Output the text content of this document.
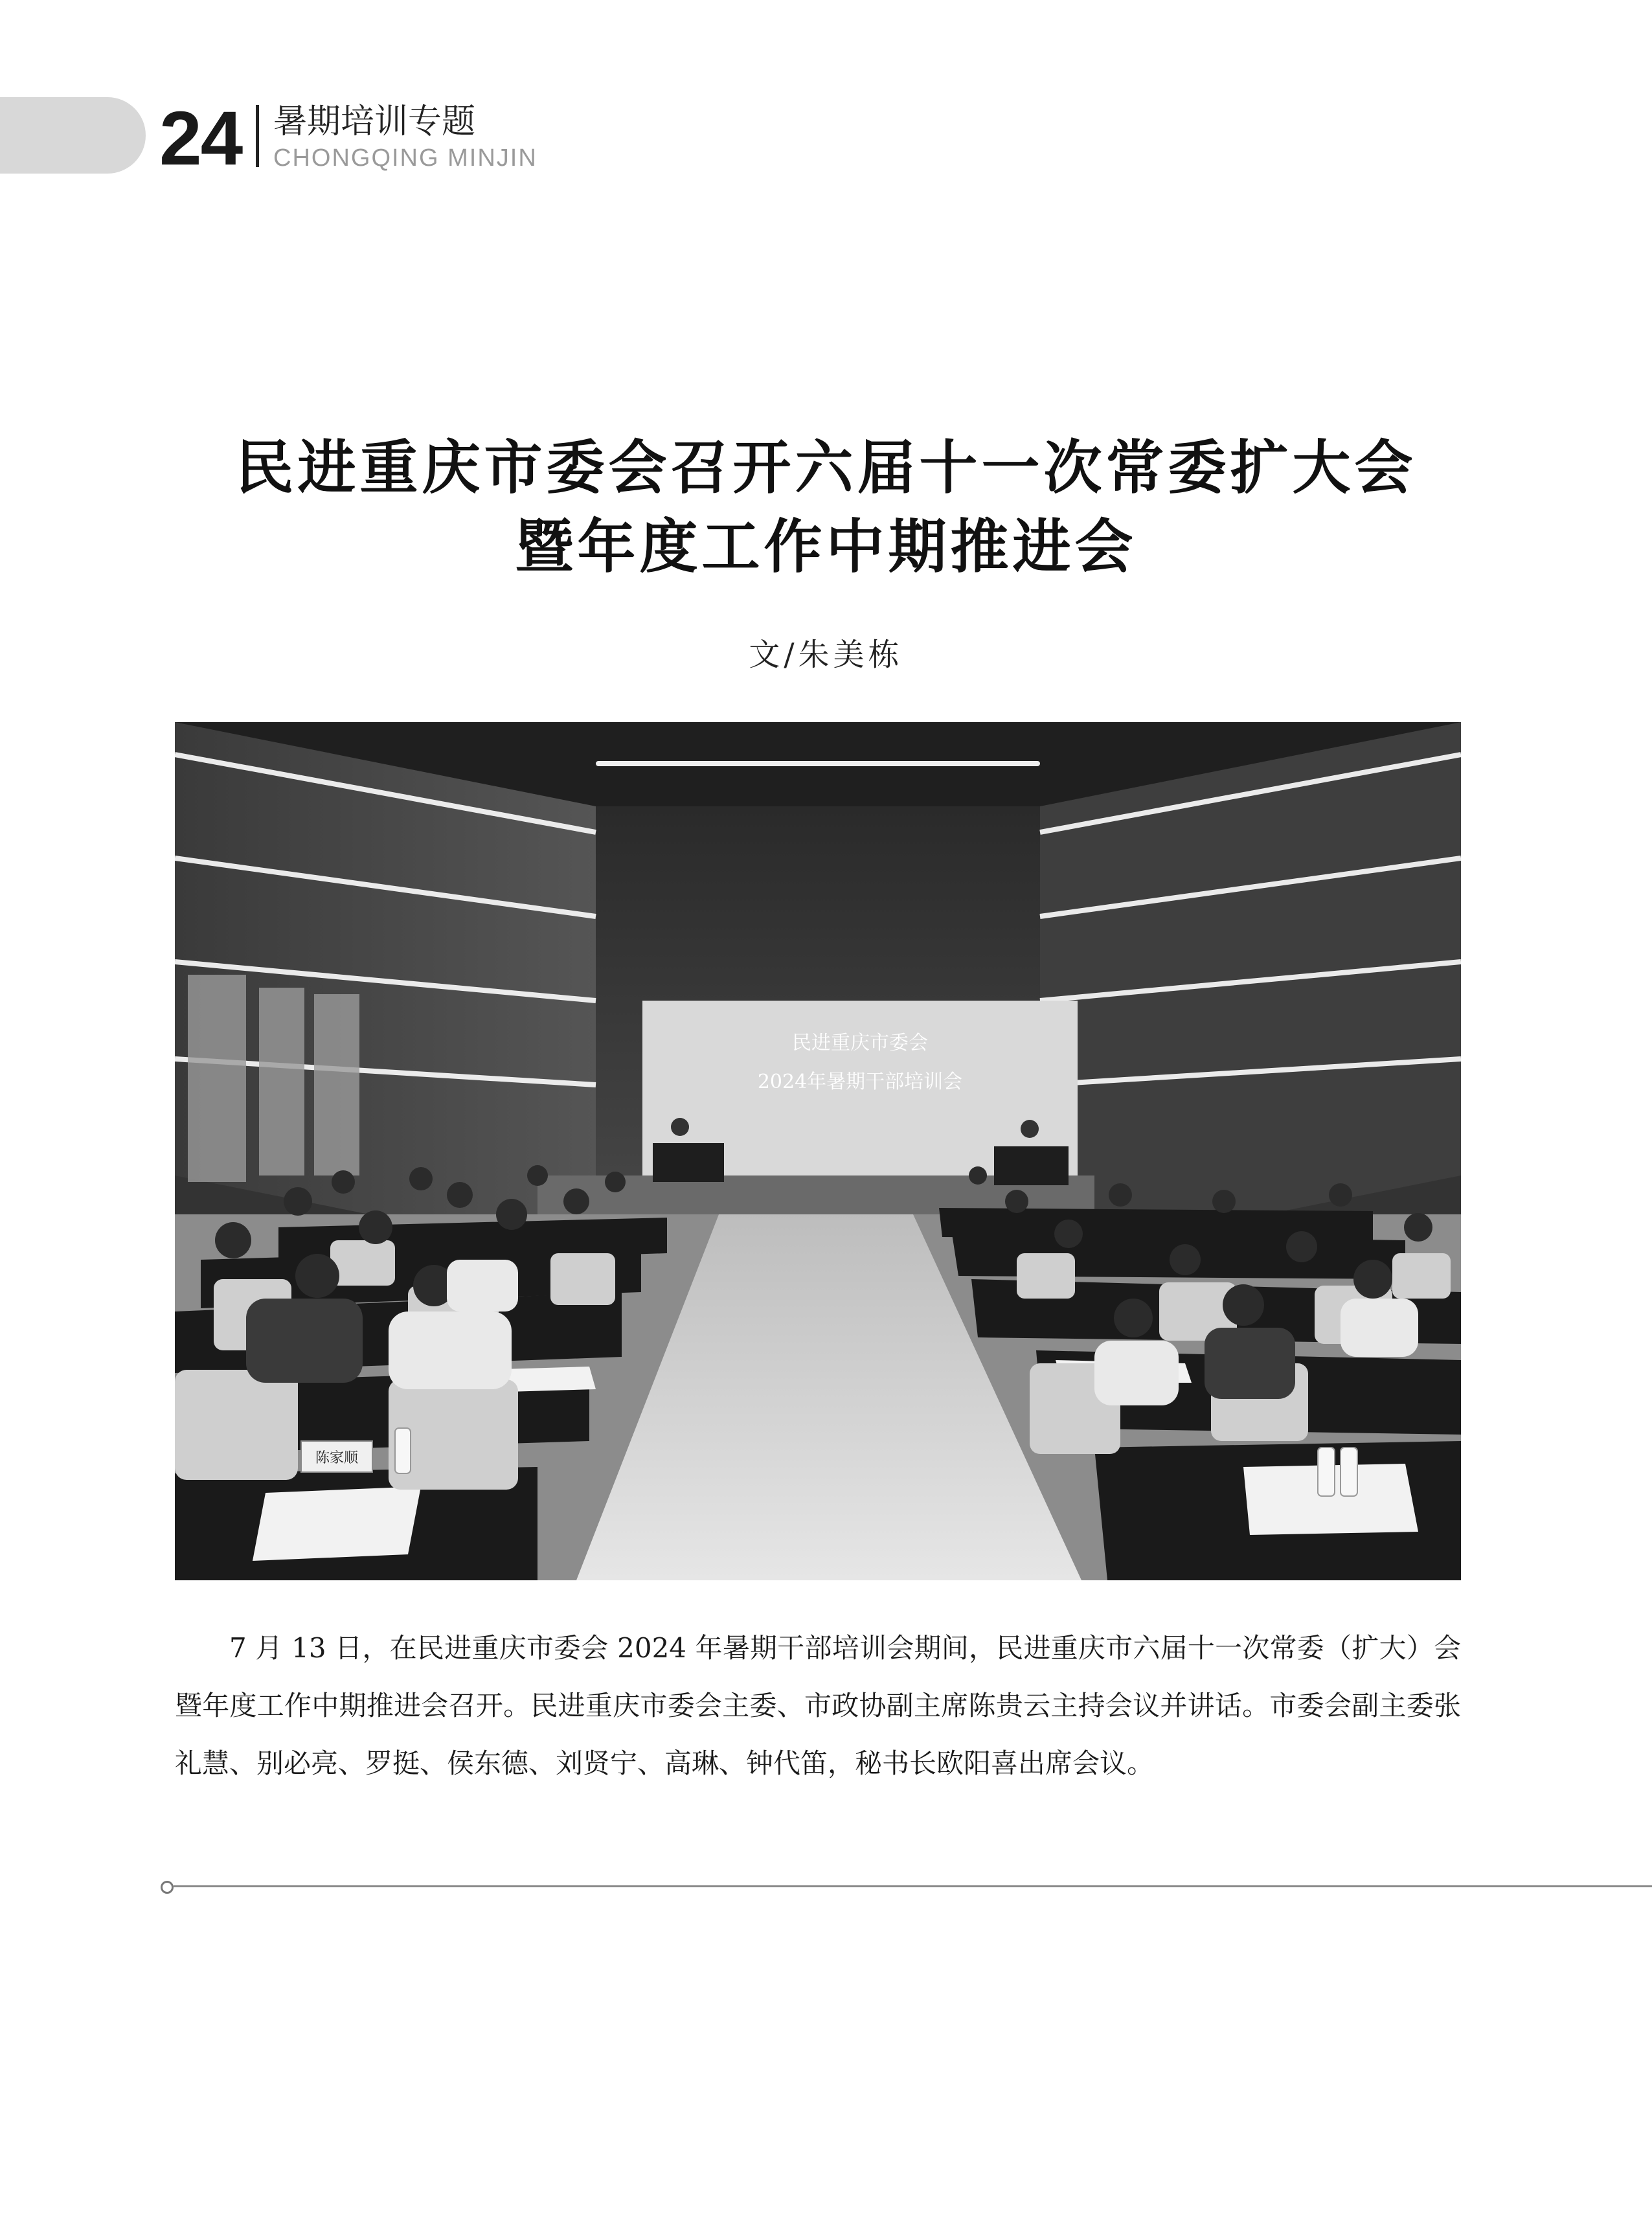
24 暑期培训专题
CHONGQING MINJIN
民进重庆市委会召开六届十一次常委扩大会
暨年度工作中期推进会
文/朱美栋
民进重庆市委会
2024年暑期干部培训会
陈家顺

7 月 13 日，在民进重庆市委会 2024 年暑期干部培训会期间，民进重庆市六届十一次常委（扩大）会暨年度工作中期推进会召开。民进重庆市委会主委、市政协副主席陈贵云主持会议并讲话。市委会副主委张礼慧、别必亮、罗挺、侯东德、刘贤宁、高琳、钟代笛，秘书长欧阳喜出席会议。
